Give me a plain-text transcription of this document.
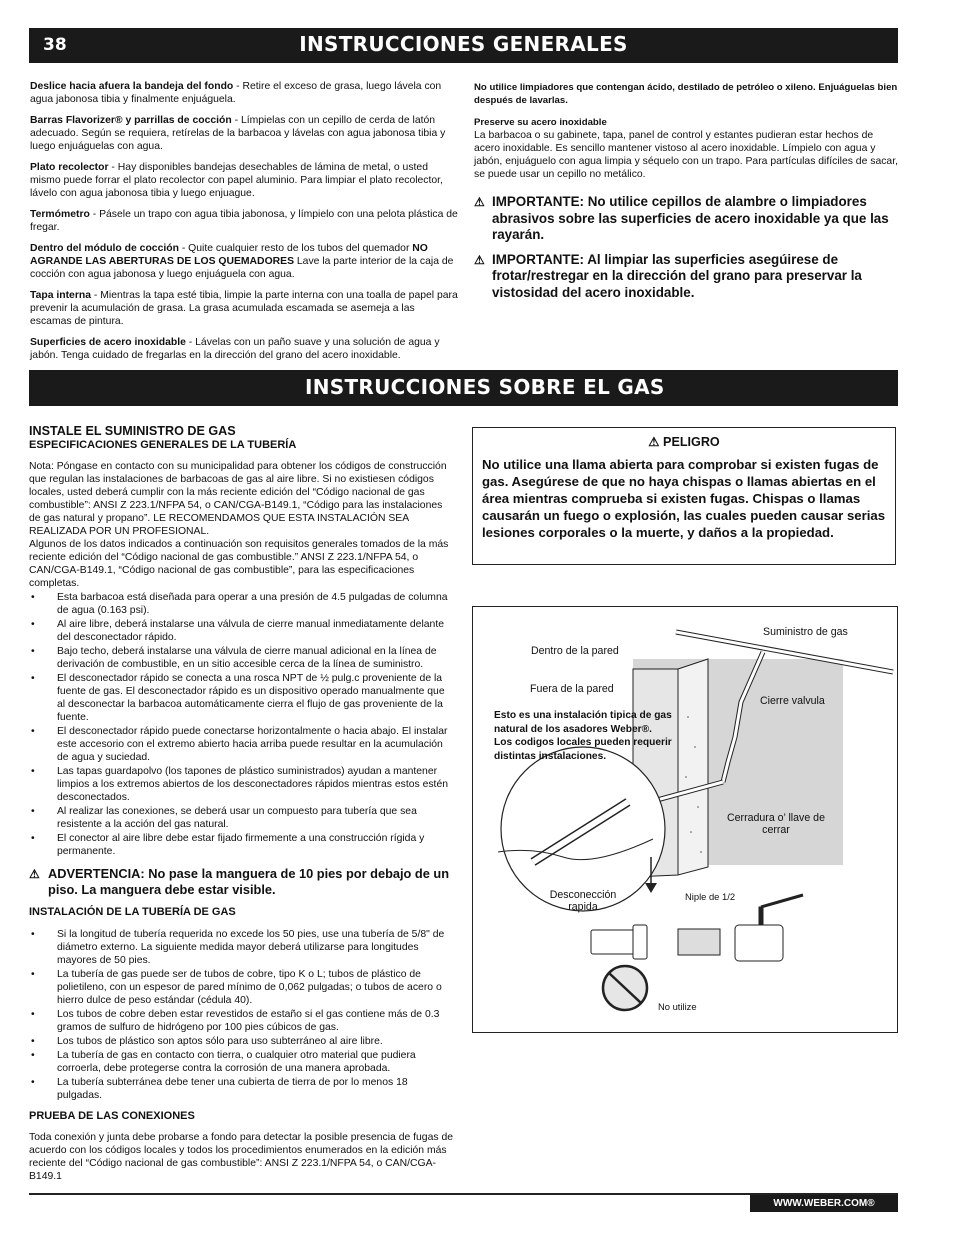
38	INSTRUCCIONES GENERALES

Deslice hacia afuera la bandeja del fondo - Retire el exceso de grasa, luego lávela con agua jabonosa tibia y finalmente enjuáguela.

Barras Flavorizer® y parrillas de cocción - Límpielas con un cepillo de cerda de latón adecuado. Según se requiera, retírelas de la barbacoa y lávelas con agua jabonosa tibia y luego enjuáguelas con agua.

Plato recolector - Hay disponibles bandejas desechables de lámina de metal, o usted mismo puede forrar el plato recolector con papel aluminio. Para limpiar el plato recolector, lávelo con agua jabonosa tibia y luego enjuague.

Termómetro - Pásele un trapo con agua tibia jabonosa, y límpielo con una pelota plástica de fregar.

Dentro del módulo de cocción - Quite cualquier resto de los tubos del quemador NO AGRANDE LAS ABERTURAS DE LOS QUEMADORES Lave la parte interior de la caja de cocción con agua jabonosa y luego enjuáguela con agua.

Tapa interna - Mientras la tapa esté tibia, limpie la parte interna con una toalla de papel para prevenir la acumulación de grasa. La grasa acumulada escamada se asemeja a las escamas de pintura.

Superficies de acero inoxidable - Lávelas con un paño suave y una solución de agua y jabón. Tenga cuidado de fregarlas en la dirección del grano del acero inoxidable.

No utilice limpiadores que contengan ácido, destilado de petróleo o xileno. Enjuáguelas bien después de lavarlas.

Preserve su acero inoxidable

La barbacoa o su gabinete, tapa, panel de control y estantes pudieran estar hechos de acero inoxidable. Es sencillo mantener vistoso al acero inoxidable. Límpielo con agua y jabón, enjuáguelo con agua limpia y séquelo con un trapo. Para partículas difíciles de sacar, se puede usar un cepillo no metálico.

⚠ IMPORTANTE: No utilice cepillos de alambre o limpiadores abrasivos sobre las superficies de acero inoxidable ya que las rayarán.
⚠ IMPORTANTE: Al limpiar las superficies asegúirese de frotar/restregar en la dirección del grano para preservar la vistosidad del acero inoxidable.
INSTRUCCIONES SOBRE EL GAS
INSTALE EL SUMINISTRO DE GAS
ESPECIFICACIONES GENERALES DE LA TUBERÍA
Nota: Póngase en contacto con su municipalidad para obtener los códigos de construcción que regulan las instalaciones de barbacoas de gas al aire libre. Si no existiesen códigos locales, usted deberá cumplir con la más reciente edición del “Código nacional de gas combustible”: ANSI Z 223.1/NFPA 54, o CAN/CGA-B149.1, “Código para las instalaciones de gas natural y propano”. LE RECOMENDAMOS QUE ESTA INSTALACIÓN SEA REALIZADA POR UN PROFESIONAL.
Algunos de los datos indicados a continuación son requisitos generales tomados de la más reciente edición del “Código nacional de gas combustible.” ANSI Z 223.1/NFPA 54, o CAN/CGA-B149.1, “Código nacional de gas combustible”, para las especificaciones completas.
• Esta barbacoa está diseñada para operar a una presión de 4.5 pulgadas de columna de agua (0.163 psi).
• Al aire libre, deberá instalarse una válvula de cierre manual inmediatamente delante del desconectador rápido.
• Bajo techo, deberá instalarse una válvula de cierre manual adicional en la línea de derivación de combustible, en un sitio accesible cerca de la línea de suministro.
• El desconectador rápido se conecta a una rosca NPT de ½ pulg.c proveniente de la fuente de gas. El desconectador rápido es un dispositivo operado manualmente que al desconectar la barbacoa automáticamente cierra el flujo de gas proveniente de la fuente.
• El desconectador rápido puede conectarse horizontalmente o hacia abajo. El instalar este accesorio con el extremo abierto hacia arriba puede resultar en la acumulación de agua y suciedad.
• Las tapas guardapolvo (los tapones de plástico suministrados) ayudan a mantener limpios a los extremos abiertos de los desconectadores rápidos mientras estos estén desconectados.
• Al realizar las conexiones, se deberá usar un compuesto para tubería que sea resistente a la acción del gas natural.
• El conector al aire libre debe estar fijado firmemente a una construcción rígida y permanente.
⚠ ADVERTENCIA: No pase la manguera de 10 pies por debajo de un piso. La manguera debe estar visible.
INSTALACIÓN DE LA TUBERÍA DE GAS
• Si la longitud de tubería requerida no excede los 50 pies, use una tubería de 5/8" de diámetro externo. La siguiente medida mayor deberá utilizarse para longitudes mayores de 50 pies.
• La tubería de gas puede ser de tubos de cobre, tipo K o L; tubos de plástico de polietileno, con un espesor de pared mínimo de 0,062 pulgadas; o tubos de acero o hierro dulce de peso estándar (cédula 40).
• Los tubos de cobre deben estar revestidos de estaño si el gas contiene más de 0.3 gramos de sulfuro de hidrógeno por 100 pies cúbicos de gas.
• Los tubos de plástico son aptos sólo para uso subterráneo al aire libre.
• La tubería de gas en contacto con tierra, o cualquier otro material que pudiera corroerla, debe protegerse contra la corrosión de una manera aprobada.
• La tubería subterránea debe tener una cubierta de tierra de por lo menos 18 pulgadas.
PRUEBA DE LAS CONEXIONES
Toda conexión y junta debe probarse a fondo para detectar la posible presencia de fugas de acuerdo con los códigos locales y todos los procedimientos enumerados en la edición más reciente del “Código nacional de gas combustible”: ANSI Z 223.1/NFPA 54, o CAN/CGA-B149.1
⚠ PELIGRO
No utilice una llama abierta para comprobar si existen fugas de gas. Asegúrese de que no haya chispas o llamas abiertas en el área mientras comprueba si existen fugas. Chispas o llamas causarán un fuego o explosión, las cuales pueden causar serias lesiones corporales o la muerte, y daños a la propiedad.
Suministro de gas
Dentro de la pared
Fuera de la pared
Cierre valvula
Esto es una instalación tipica de gas natural de los asadores Weber®. Los codigos locales pueden requerir distintas instalaciones.
Cerradura o’ llave de cerrar
Desconección rapida
Niple de 1/2
No utilize
WWW.WEBER.COM®
